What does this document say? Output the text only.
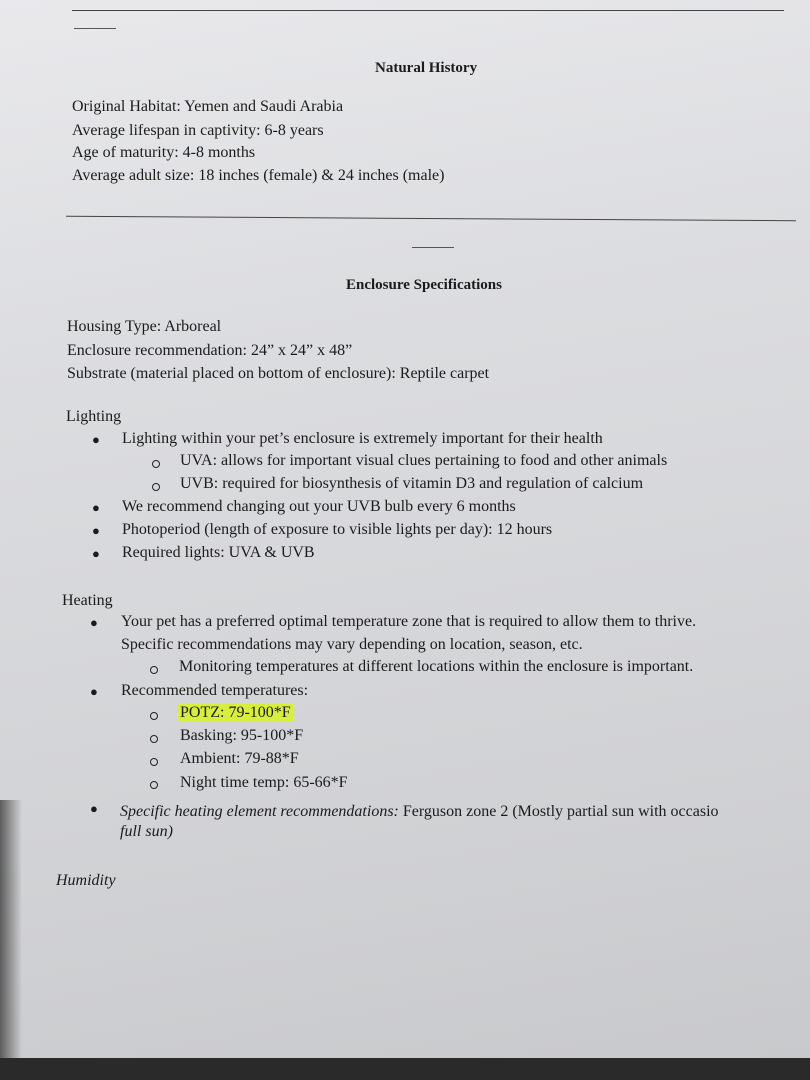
Natural History
Original Habitat: Yemen and Saudi Arabia
Average lifespan in captivity: 6-8 years
Age of maturity: 4-8 months
Average adult size: 18 inches (female) & 24 inches (male)
Enclosure Specifications
Housing Type: Arboreal
Enclosure recommendation: 24” x 24” x 48”
Substrate (material placed on bottom of enclosure): Reptile carpet
Lighting
● Lighting within your pet’s enclosure is extremely important for their health
UVA: allows for important visual clues pertaining to food and other animals
UVB: required for biosynthesis of vitamin D3 and regulation of calcium
● We recommend changing out your UVB bulb every 6 months
● Photoperiod (length of exposure to visible lights per day): 12 hours
● Required lights: UVA & UVB
Heating
● Your pet has a preferred optimal temperature zone that is required to allow them to thrive.
Specific recommendations may vary depending on location, season, etc.
Monitoring temperatures at different locations within the enclosure is important.
● Recommended temperatures:
POTZ: 79-100*F
Basking: 95-100*F
Ambient: 79-88*F
Night time temp: 65-66*F
● Specific heating element recommendations: Ferguson zone 2 (Mostly partial sun with occasio
full sun)
Humidity
